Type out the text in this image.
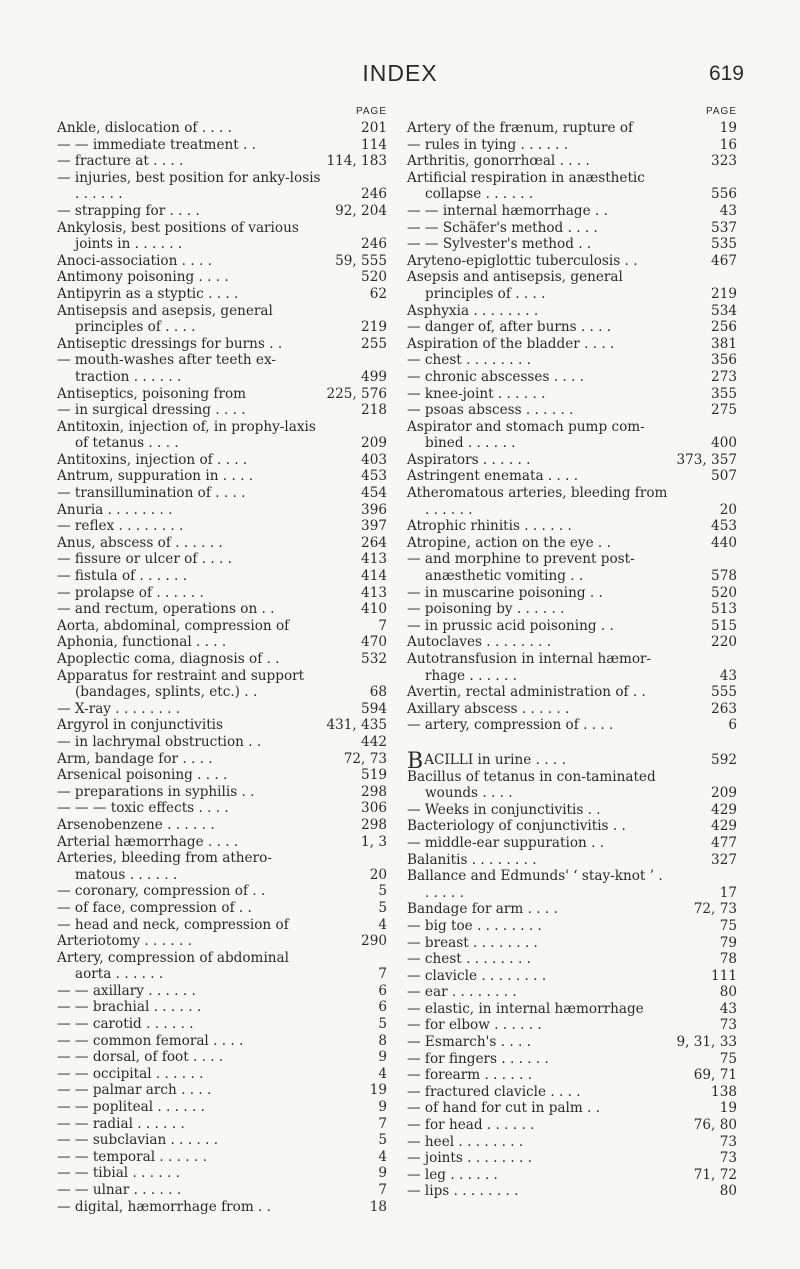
INDEX	619
PAGE
Ankle, dislocation of . . . .	201
— — immediate treatment . .	114
— fracture at . . . .	114, 183
— injuries, best position for anky-losis . . . . . .	246
— strapping for . . . .	92, 204
Ankylosis, best positions of various joints in . . . . . .	246
Anoci-association . . . .	59, 555
Antimony poisoning . . . .	520
Antipyrin as a styptic . . . .	62
Antisepsis and asepsis, general principles of . . . .	219
Antiseptic dressings for burns . .	255
— mouth-washes after teeth ex-traction . . . . . .	499
Antiseptics, poisoning from	225, 576
— in surgical dressing . . . .	218
Antitoxin, injection of, in prophy-laxis of tetanus . . . .	209
Antitoxins, injection of . . . .	403
Antrum, suppuration in . . . .	453
— transillumination of . . . .	454
Anuria . . . . . . . .	396
— reflex . . . . . . . .	397
Anus, abscess of . . . . . .	264
— fissure or ulcer of . . . .	413
— fistula of . . . . . .	414
— prolapse of . . . . . .	413
— and rectum, operations on . .	410
Aorta, abdominal, compression of	7
Aphonia, functional . . . .	470
Apoplectic coma, diagnosis of . .	532
Apparatus for restraint and support (bandages, splints, etc.) . .	68
— X-ray . . . . . . . .	594
Argyrol in conjunctivitis	431, 435
— in lachrymal obstruction . .	442
Arm, bandage for . . . .	72, 73
Arsenical poisoning . . . .	519
— preparations in syphilis . .	298
— — — toxic effects . . . .	306
Arsenobenzene . . . . . .	298
Arterial hæmorrhage . . . .	1, 3
Arteries, bleeding from athero-matous . . . . . .	20
— coronary, compression of . .	5
— of face, compression of . .	5
— head and neck, compression of	4
Arteriotomy . . . . . .	290
Artery, compression of abdominal aorta . . . . . .	7
— — axillary . . . . . .	6
— — brachial . . . . . .	6
— — carotid . . . . . .	5
— — common femoral . . . .	8
— — dorsal, of foot . . . .	9
— — occipital . . . . . .	4
— — palmar arch . . . .	19
— — popliteal . . . . . .	9
— — radial . . . . . .	7
— — subclavian . . . . . .	5
— — temporal . . . . . .	4
— — tibial . . . . . .	9
— — ulnar . . . . . .	7
— digital, hæmorrhage from . .	18
PAGE
Artery of the frænum, rupture of	19
— rules in tying . . . . . .	16
Arthritis, gonorrhœal . . . .	323
Artificial respiration in anæsthetic collapse . . . . . .	556
— — internal hæmorrhage . .	43
— — Schäfer's method . . . .	537
— — Sylvester's method . .	535
Aryteno-epiglottic tuberculosis . .	467
Asepsis and antisepsis, general principles of . . . .	219
Asphyxia . . . . . . . .	534
— danger of, after burns . . . .	256
Aspiration of the bladder . . . .	381
— chest . . . . . . . .	356
— chronic abscesses . . . .	273
— knee-joint . . . . . .	355
— psoas abscess . . . . . .	275
Aspirator and stomach pump com-bined . . . . . .	400
Aspirators . . . . . .	373, 357
Astringent enemata . . . .	507
Atheromatous arteries, bleeding from . . . . . .	20
Atrophic rhinitis . . . . . .	453
Atropine, action on the eye . .	440
— and morphine to prevent post-anæsthetic vomiting . .	578
— in muscarine poisoning . .	520
— poisoning by . . . . . .	513
— in prussic acid poisoning . .	515
Autoclaves . . . . . . . .	220
Autotransfusion in internal hæmor-rhage . . . . . .	43
Avertin, rectal administration of . .	555
Axillary abscess . . . . . .	263
— artery, compression of . . . .	6
BACILLI in urine . . . .	592
Bacillus of tetanus in con-taminated wounds . . . .	209
— Weeks in conjunctivitis . .	429
Bacteriology of conjunctivitis . .	429
— middle-ear suppuration . .	477
Balanitis . . . . . . . .	327
Ballance and Edmunds' ‘ stay-knot ’ . . . . . .	17
Bandage for arm . . . .	72, 73
— big toe . . . . . . . .	75
— breast . . . . . . . .	79
— chest . . . . . . . .	78
— clavicle . . . . . . . .	111
— ear . . . . . . . .	80
— elastic, in internal hæmorrhage	43
— for elbow . . . . . .	73
— Esmarch's . . . .	9, 31, 33
— for fingers . . . . . .	75
— forearm . . . . . .	69, 71
— fractured clavicle . . . .	138
— of hand for cut in palm . .	19
— for head . . . . . .	76, 80
— heel . . . . . . . .	73
— joints . . . . . . . .	73
— leg . . . . . .	71, 72
— lips . . . . . . . .	80
